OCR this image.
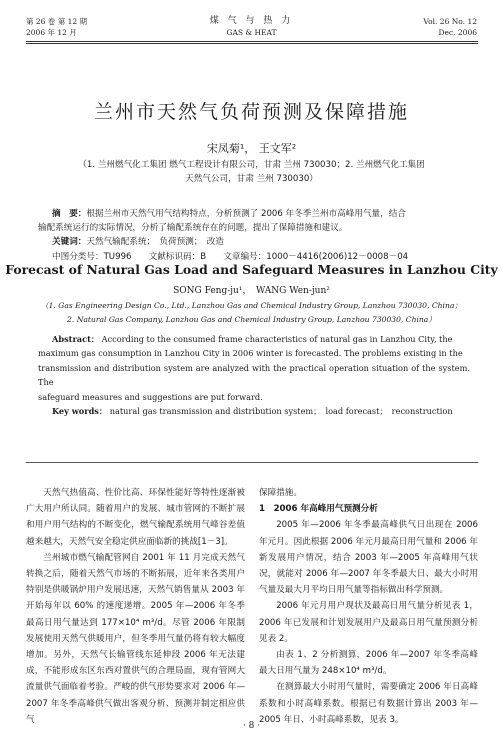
第 26 卷 第 12 期
2006 年 12 月
煤 气 与 热 力
GAS & HEAT
Vol. 26 No. 12
Dec. 2006
兰州市天然气负荷预测及保障措施
宋凤菊¹， 王文军²
（1. 兰州燃气化工集团 燃气工程设计有限公司，甘肃 兰州 730030；2. 兰州燃气化工集团
天然气公司，甘肃 兰州 730030）
摘　要：根据兰州市天然气用气结构特点，分析预测了 2006 年冬季兰州市高峰用气量，结合
输配系统运行的实际情况，分析了输配系统存在的问题，提出了保障措施和建议。
关键词：天然气输配系统；　负荷预测；　改造
中图分类号：TU996　　文献标识码：B　　文章编号：1000－4416(2006)12－0008－04
Forecast of Natural Gas Load and Safeguard Measures in Lanzhou City
SONG Feng-ju¹，　WANG Wen-jun²
（1. Gas Engineering Design Co., Ltd., Lanzhou Gas and Chemical Industry Group, Lanzhou 730030, China；
2. Natural Gas Company, Lanzhou Gas and Chemical Industry Group, Lanzhou 730030, China）
Abstract： According to the consumed frame characteristics of natural gas in Lanzhou City, the
maximum gas consumption in Lanzhou City in 2006 winter is forecasted. The problems existing in the
transmission and distribution system are analyzed with the practical operation situation of the system. The
safeguard measures and suggestions are put forward.
Key words： natural gas transmission and distribution system；　load forecast；　reconstruction

天然气热值高、性价比高、环保性能好等特性逐渐被广大用户所认同。随着用户的发展、城市管网的不断扩展和用户用气结构的不断变化，燃气输配系统用气峰谷差值越来越大，天然气安全稳定供应面临新的挑战[1－3]。

兰州城市燃气输配管网自 2001 年 11 月完成天然气转换之后，随着天然气市场的不断拓展，近年来各类用户特别是供暖锅炉用户发展迅速，天然气销售量从 2003 年开始每年以 60% 的速度递增。2005 年—2006 年冬季最高日用气量达到 177×10⁴ m³/d。尽管 2006 年限制发展使用天然气供暖用户，但冬季用气量仍将有较大幅度增加。另外，天然气长输管线东延伸段 2006 年无法建成，不能形成东区东西对置供气的合理局面，现有管网大流量供气面临着考验。严峻的供气形势要求对 2006 年—2007 年冬季高峰供气做出客观分析、预测并制定相应供气

保障措施。

1　2006 年高峰用气预测分析

2005 年—2006 年冬季最高峰供气日出现在 2006 年元月。因此根据 2006 年元月最高日用气量和 2006 年新发展用户情况，结合 2003 年—2005 年高峰用气状况，就能对 2006 年—2007 年冬季最大日、最大小时用气量及最大月平均日用气量等指标做出科学预测。

2006 年元月用户现状及最高日用气量分析见表 1，2006 年已发展和计划发展用户及最高日用气量预测分析见表 2。

由表 1、2 分析测算，2006 年—2007 年冬季高峰最大日用气量为 248×10⁴ m³/d。

在测算最大小时用气量时，需要确定 2006 年日高峰系数和小时高峰系数。根据已有数据计算出 2003 年—2005 年日、小时高峰系数，见表 3。

· 8 ·
